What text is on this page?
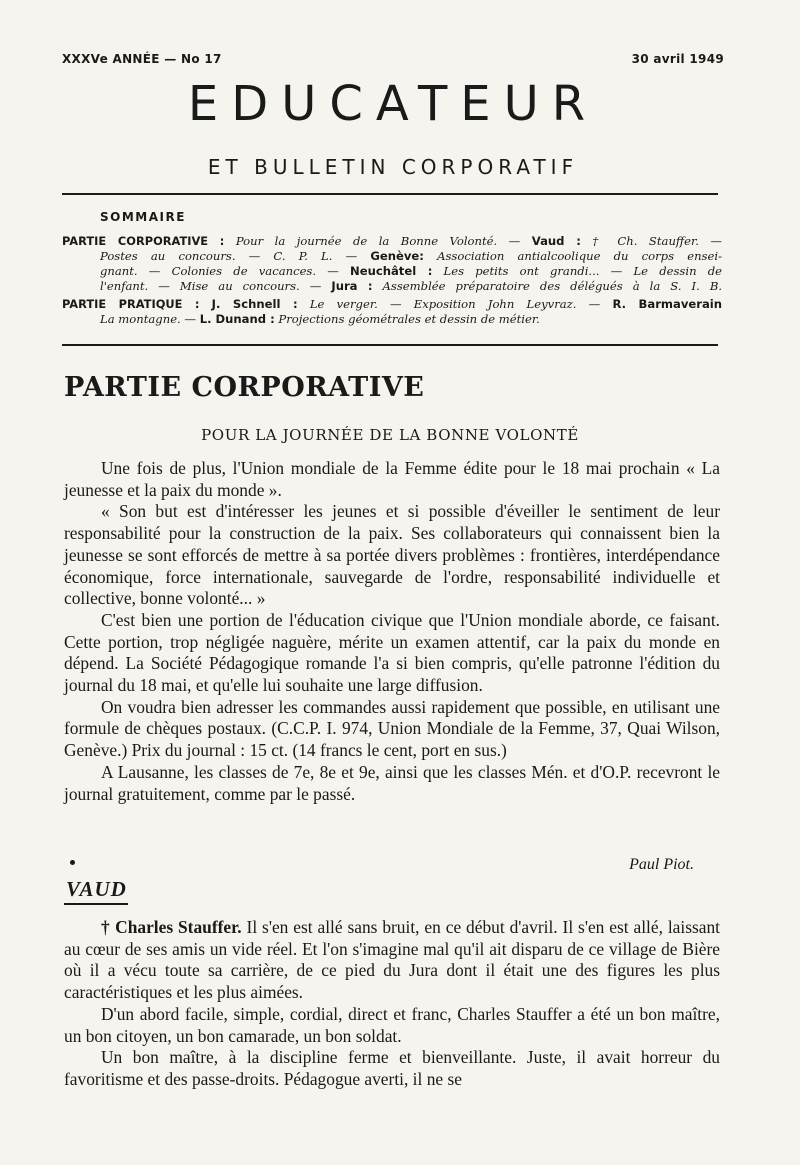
XXXVe ANNÉE — No 17	30 avril 1949
EDUCATEUR
ET BULLETIN CORPORATIF
SOMMAIRE
PARTIE CORPORATIVE : Pour la journée de la Bonne Volonté. — Vaud : † Ch. Stauffer. —
Postes au concours. — C. P. L. — Genève: Association antialcoolique du corps ensei-
gnant. — Colonies de vacances. — Neuchâtel : Les petits ont grandi... — Le dessin de
l'enfant. — Mise au concours. — Jura : Assemblée préparatoire des délégués à la S. I. B.
PARTIE PRATIQUE : J. Schnell : Le verger. — Exposition John Leyvraz. — R. Barmaverain
La montagne. — L. Dunand : Projections géométrales et dessin de métier.
PARTIE CORPORATIVE
POUR LA JOURNÉE DE LA BONNE VOLONTÉ

Une fois de plus, l'Union mondiale de la Femme édite pour le 18 mai prochain « La jeunesse et la paix du monde ».

« Son but est d'intéresser les jeunes et si possible d'éveiller le sentiment de leur responsabilité pour la construction de la paix. Ses collaborateurs qui connaissent bien la jeunesse se sont efforcés de mettre à sa portée divers problèmes : frontières, interdépendance économique, force internationale, sauvegarde de l'ordre, responsabilité individuelle et collective, bonne volonté... »

C'est bien une portion de l'éducation civique que l'Union mondiale aborde, ce faisant. Cette portion, trop négligée naguère, mérite un examen attentif, car la paix du monde en dépend. La Société Pédagogique romande l'a si bien compris, qu'elle patronne l'édition du journal du 18 mai, et qu'elle lui souhaite une large diffusion.

On voudra bien adresser les commandes aussi rapidement que possible, en utilisant une formule de chèques postaux. (C.C.P. I. 974, Union Mondiale de la Femme, 37, Quai Wilson, Genève.) Prix du journal : 15 ct. (14 francs le cent, port en sus.)

A Lausanne, les classes de 7e, 8e et 9e, ainsi que les classes Mén. et d'O.P. recevront le journal gratuitement, comme par le passé.

Paul Piot.
VAUD

† Charles Stauffer. Il s'en est allé sans bruit, en ce début d'avril. Il s'en est allé, laissant au cœur de ses amis un vide réel. Et l'on s'imagine mal qu'il ait disparu de ce village de Bière où il a vécu toute sa carrière, de ce pied du Jura dont il était une des figures les plus caractéristiques et les plus aimées.

D'un abord facile, simple, cordial, direct et franc, Charles Stauffer a été un bon maître, un bon citoyen, un bon camarade, un bon soldat.

Un bon maître, à la discipline ferme et bienveillante. Juste, il avait horreur du favoritisme et des passe-droits. Pédagogue averti, il ne se
